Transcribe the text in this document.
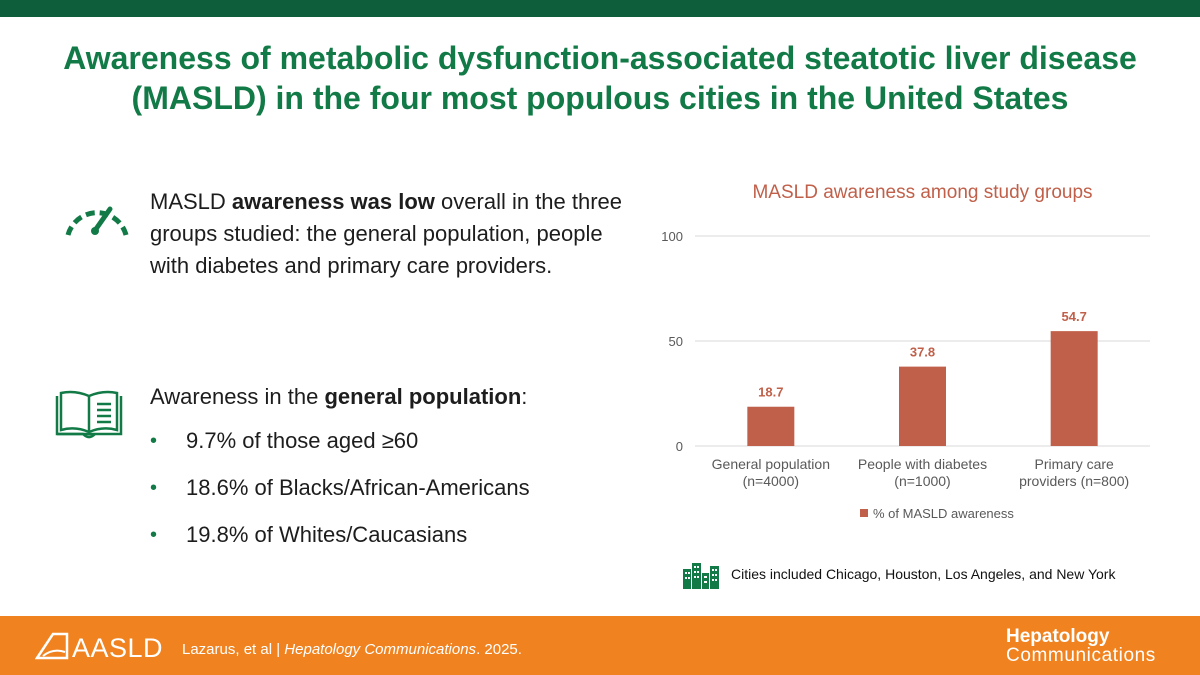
Awareness of metabolic dysfunction-associated steatotic liver disease (MASLD) in the four most populous cities in the United States
MASLD awareness was low overall in the three groups studied: the general population, people with diabetes and primary care providers.
Awareness in the general population:
• 9.7% of those aged ≥60
• 18.6% of Blacks/African-Americans
• 19.8% of Whites/Caucasians
MASLD awareness among study groups
0
50
100
18.7
General population
(n=4000)
37.8
People with diabetes
(n=1000)
54.7
Primary care
providers (n=800)
% of MASLD awareness
Cities included Chicago, Houston, Los Angeles, and New York
AASLD Lazarus, et al | Hepatology Communications. 2025.
Hepatology
Communications
